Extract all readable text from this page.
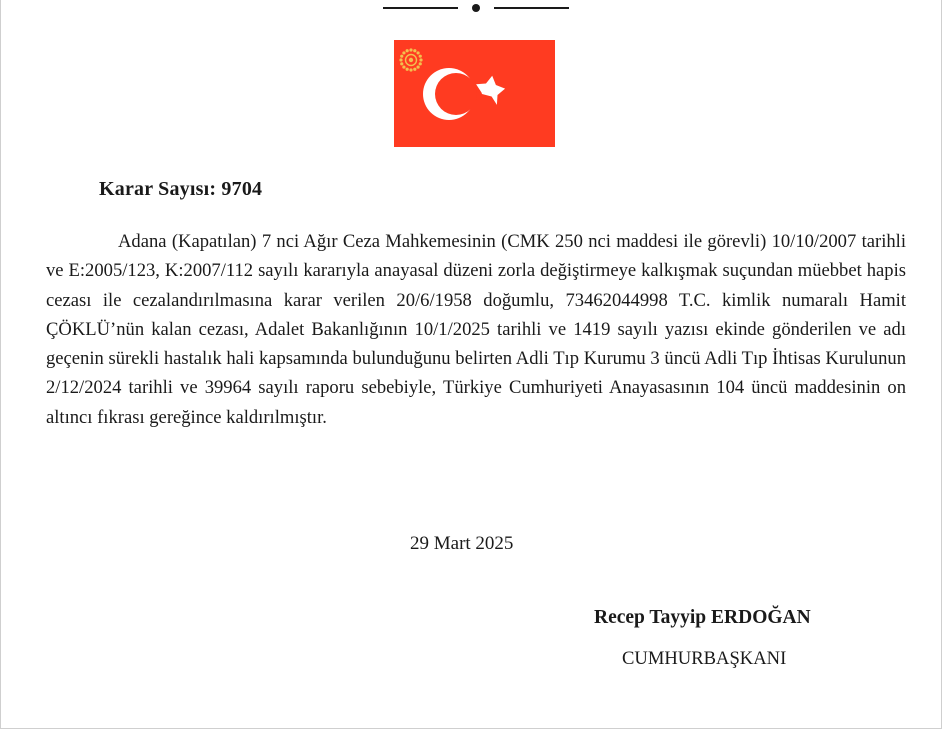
Karar Sayısı: 9704

Adana (Kapatılan) 7 nci Ağır Ceza Mahkemesinin (CMK 250 nci maddesi ile görevli) 10/10/2007 tarihli ve E:2005/123, K:2007/112 sayılı kararıyla anayasal düzeni zorla değiştirmeye kalkışmak suçundan müebbet hapis cezası ile cezalandırılmasına karar verilen 20/6/1958 doğumlu, 73462044998 T.C. kimlik numaralı Hamit ÇÖKLÜ’nün kalan cezası, Adalet Bakanlığının 10/1/2025 tarihli ve 1419 sayılı yazısı ekinde gönderilen ve adı geçenin sürekli hastalık hali kapsamında bulunduğunu belirten Adli Tıp Kurumu 3 üncü Adli Tıp İhtisas Kurulunun 2/12/2024 tarihli ve 39964 sayılı raporu sebebiyle, Türkiye Cumhuriyeti Anayasasının 104 üncü maddesinin on altıncı fıkrası gereğince kaldırılmıştır.

29 Mart 2025
Recep Tayyip ERDOĞAN
CUMHURBAŞKANI
